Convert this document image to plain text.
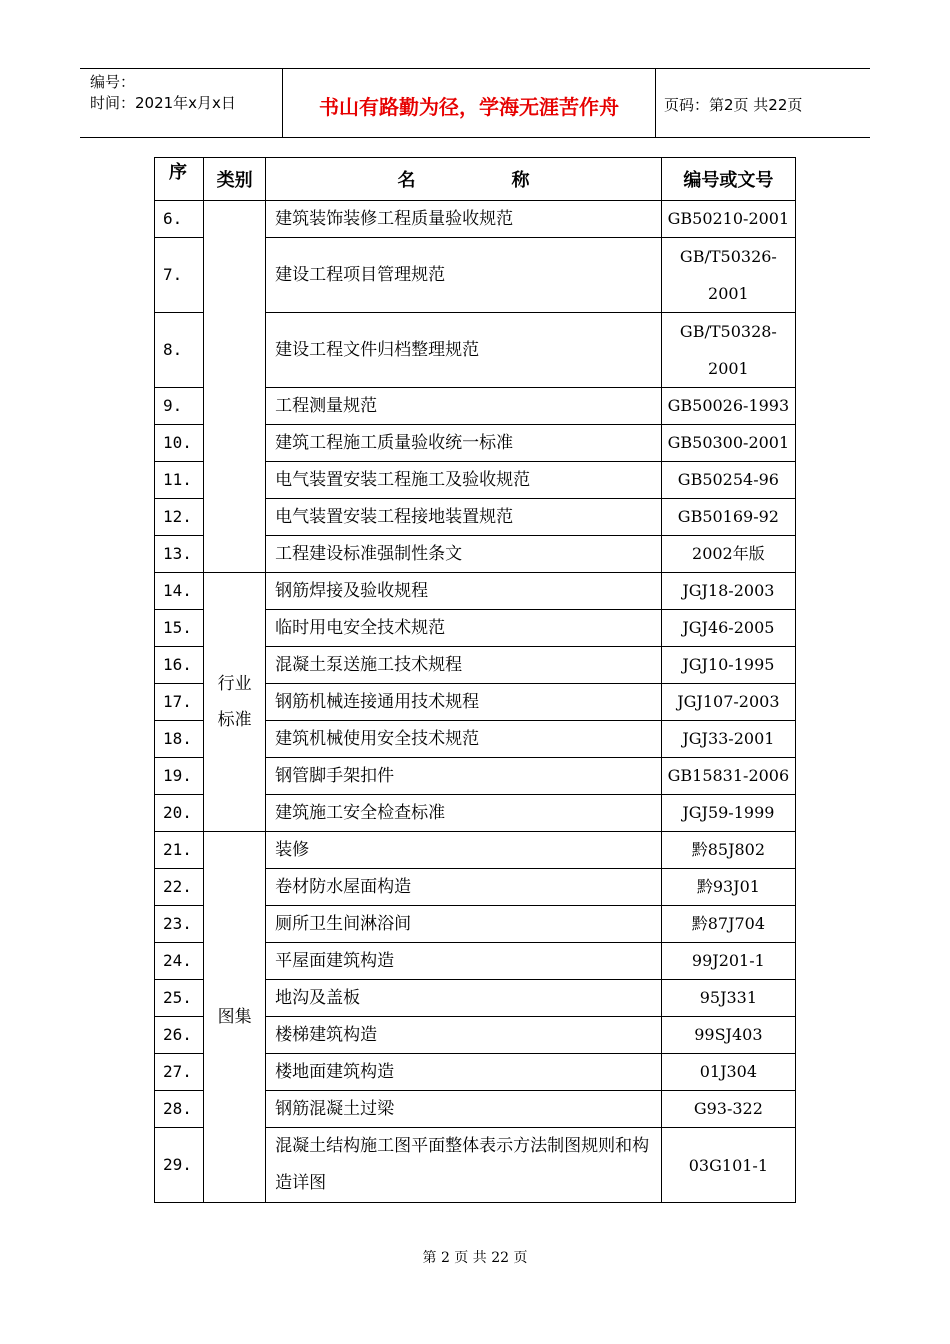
编号：
时间：2021年x月x日	书山有路勤为径，学海无涯苦作舟	页码：第2页 共22页
序	类别	名 称	编号或文号
6.		建筑装饰装修工程质量验收规范	GB50210-2001
7.		建设工程项目管理规范	GB/T50326-2001
8.		建设工程文件归档整理规范	GB/T50328-2001
9.		工程测量规范	GB50026-1993
10.		建筑工程施工质量验收统一标准	GB50300-2001
11.		电气装置安装工程施工及验收规范	GB50254-96
12.		电气装置安装工程接地装置规范	GB50169-92
13.		工程建设标准强制性条文	2002年版
14.	行业标准	钢筋焊接及验收规程	JGJ18-2003
15.		临时用电安全技术规范	JGJ46-2005
16.		混凝土泵送施工技术规程	JGJ10-1995
17.		钢筋机械连接通用技术规程	JGJ107-2003
18.		建筑机械使用安全技术规范	JGJ33-2001
19.		钢管脚手架扣件	GB15831-2006
20.		建筑施工安全检查标准	JGJ59-1999
21.	图集	装修	黔85J802
22.		卷材防水屋面构造	黔93J01
23.		厕所卫生间淋浴间	黔87J704
24.		平屋面建筑构造	99J201-1
25.		地沟及盖板	95J331
26.		楼梯建筑构造	99SJ403
27.		楼地面建筑构造	01J304
28.		钢筋混凝土过梁	G93-322
29.		混凝土结构施工图平面整体表示方法制图规则和构造详图	03G101-1
第 2 页 共 22 页
